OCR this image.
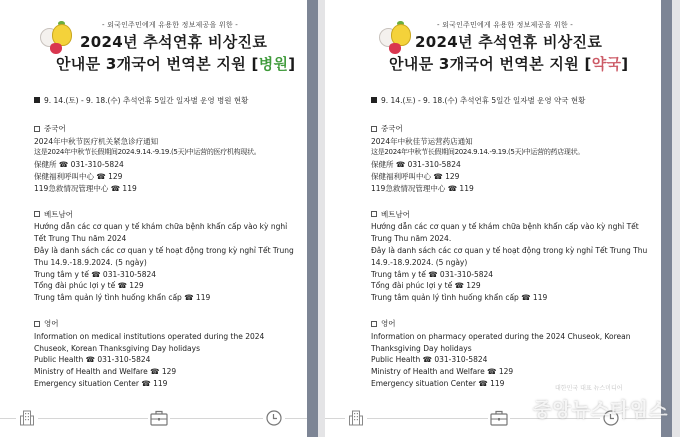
- 외국인주민에게 유용한 정보제공을 위한 -
2024년 추석연휴 비상진료
안내문 3개국어 번역본 지원 [병원]
9. 14.(토) - 9. 18.(수) 추석연휴 5일간 일자별 운영 병원 현황
중국어
2024年中秋节医疗机关紧急诊疗通知
这是2024年中秋节长假期间2024.9.14.-9.19.(5天)中运营的医疗机构现状。
保健所 ☎ 031-310-5824
保健福利呼叫中心 ☎ 129
119急救情况管理中心 ☎ 119
베트남어
Hướng dẫn các cơ quan y tế khám chữa bệnh khẩn cấp vào kỳ nghỉ Tết Trung Thu năm 2024
Đây là danh sách các cơ quan y tế hoạt động trong kỳ nghỉ Tết Trung Thu 14.9.-18.9.2024. (5 ngày)
Trung tâm y tế ☎ 031-310-5824
Tổng đài phúc lợi y tế ☎ 129
Trung tâm quản lý tình huống khẩn cấp ☎ 119
영어
Information on medical institutions operated during the 2024 Chuseok, Korean Thanksgiving Day holidays
Public Health ☎ 031-310-5824
Ministry of Health and Welfare ☎ 129
Emergency situation Center ☎ 119
- 외국인주민에게 유용한 정보제공을 위한 -
2024년 추석연휴 비상진료
안내문 3개국어 번역본 지원 [약국]
9. 14.(토) - 9. 18.(수) 추석연휴 5일간 일자별 운영 약국 현황
중국어
2024年中秋佳节运营药店通知
这是2024年中秋节长假期间2024.9.14.-9.19.(5天)中运营的药店现状。
保健所 ☎ 031-310-5824
保健福利呼叫中心 ☎ 129
119急救情况管理中心 ☎ 119
베트남어
Hướng dẫn các cơ quan y tế khám chữa bệnh khẩn cấp vào kỳ nghỉ Tết Trung Thu năm 2024.
Đây là danh sách các cơ quan y tế hoạt động trong kỳ nghỉ Tết Trung Thu 14.9.-18.9.2024. (5 ngày)
Trung tâm y tế ☎ 031-310-5824
Tổng đài phúc lợi y tế ☎ 129
Trung tâm quản lý tình huống khẩn cấp ☎ 119
영어
Information on pharmacy operated during the 2024 Chuseok, Korean Thanksgiving Day holidays
Public Health ☎ 031-310-5824
Ministry of Health and Welfare ☎ 129
Emergency situation Center ☎ 119
대한민국 대표 뉴스미디어
중앙뉴스타임스
